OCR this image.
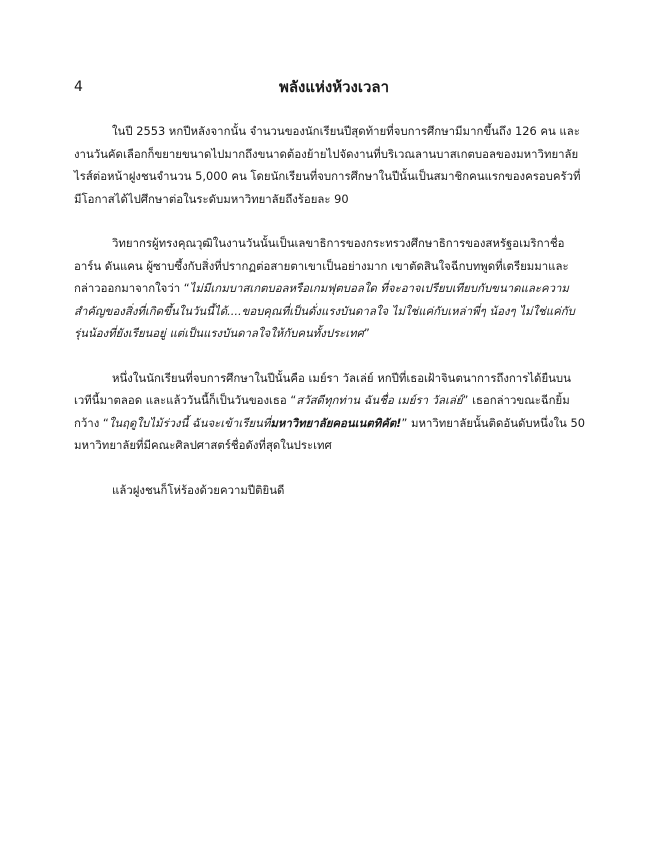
4	พลังแห่งห้วงเวลา

ในปี 2553 หกปีหลังจากนั้น จำนวนของนักเรียนปีสุดท้ายที่จบการศึกษามีมากขึ้นถึง 126 คน และงานวันคัดเลือกก็ขยายขนาดไปมากถึงขนาดต้องย้ายไปจัดงานที่บริเวณลานบาสเกตบอลของมหาวิทยาลัยไรส์ต่อหน้าฝูงชนจำนวน 5,000 คน โดยนักเรียนที่จบการศึกษาในปีนั้นเป็นสมาชิกคนแรกของครอบครัวที่มีโอกาสได้ไปศึกษาต่อในระดับมหาวิทยาลัยถึงร้อยละ 90

วิทยากรผู้ทรงคุณวุฒิในงานวันนั้นเป็นเลขาธิการของกระทรวงศึกษาธิการของสหรัฐอเมริกาชื่อ อาร์น ดันแคน ผู้ซาบซึ้งกับสิ่งที่ปรากฏต่อสายตาเขาเป็นอย่างมาก เขาตัดสินใจฉีกบทพูดที่เตรียมมาและกล่าวออกมาจากใจว่า “ไม่มีเกมบาสเกตบอลหรือเกมฟุตบอลใด ที่จะอาจเปรียบเทียบกับขนาดและความสำคัญของสิ่งที่เกิดขึ้นในวันนี้ได้....ขอบคุณที่เป็นดั่งแรงบันดาลใจ ไม่ใช่แค่กับเหล่าพี่ๆ น้องๆ ไม่ใช่แค่กับรุ่นน้องที่ยังเรียนอยู่ แต่เป็นแรงบันดาลใจให้กับคนทั้งประเทศ”

หนึ่งในนักเรียนที่จบการศึกษาในปีนั้นคือ เมย์รา วัลเล่ย์ หกปีที่เธอเฝ้าจินตนาการถึงการได้ยืนบนเวทีนี้มาตลอด และแล้ววันนี้ก็เป็นวันของเธอ “สวัสดีทุกท่าน ฉันชื่อ เมย์รา วัลเล่ย์” เธอกล่าวขณะฉีกยิ้มกว้าง “ในฤดูใบไม้ร่วงนี้ ฉันจะเข้าเรียนที่มหาวิทยาลัยคอนเนตทิคัต!” มหาวิทยาลัยนั้นติดอันดับหนึ่งใน 50 มหาวิทยาลัยที่มีคณะศิลปศาสตร์ชื่อดังที่สุดในประเทศ

แล้วฝูงชนก็โห่ร้องด้วยความปีติยินดี
